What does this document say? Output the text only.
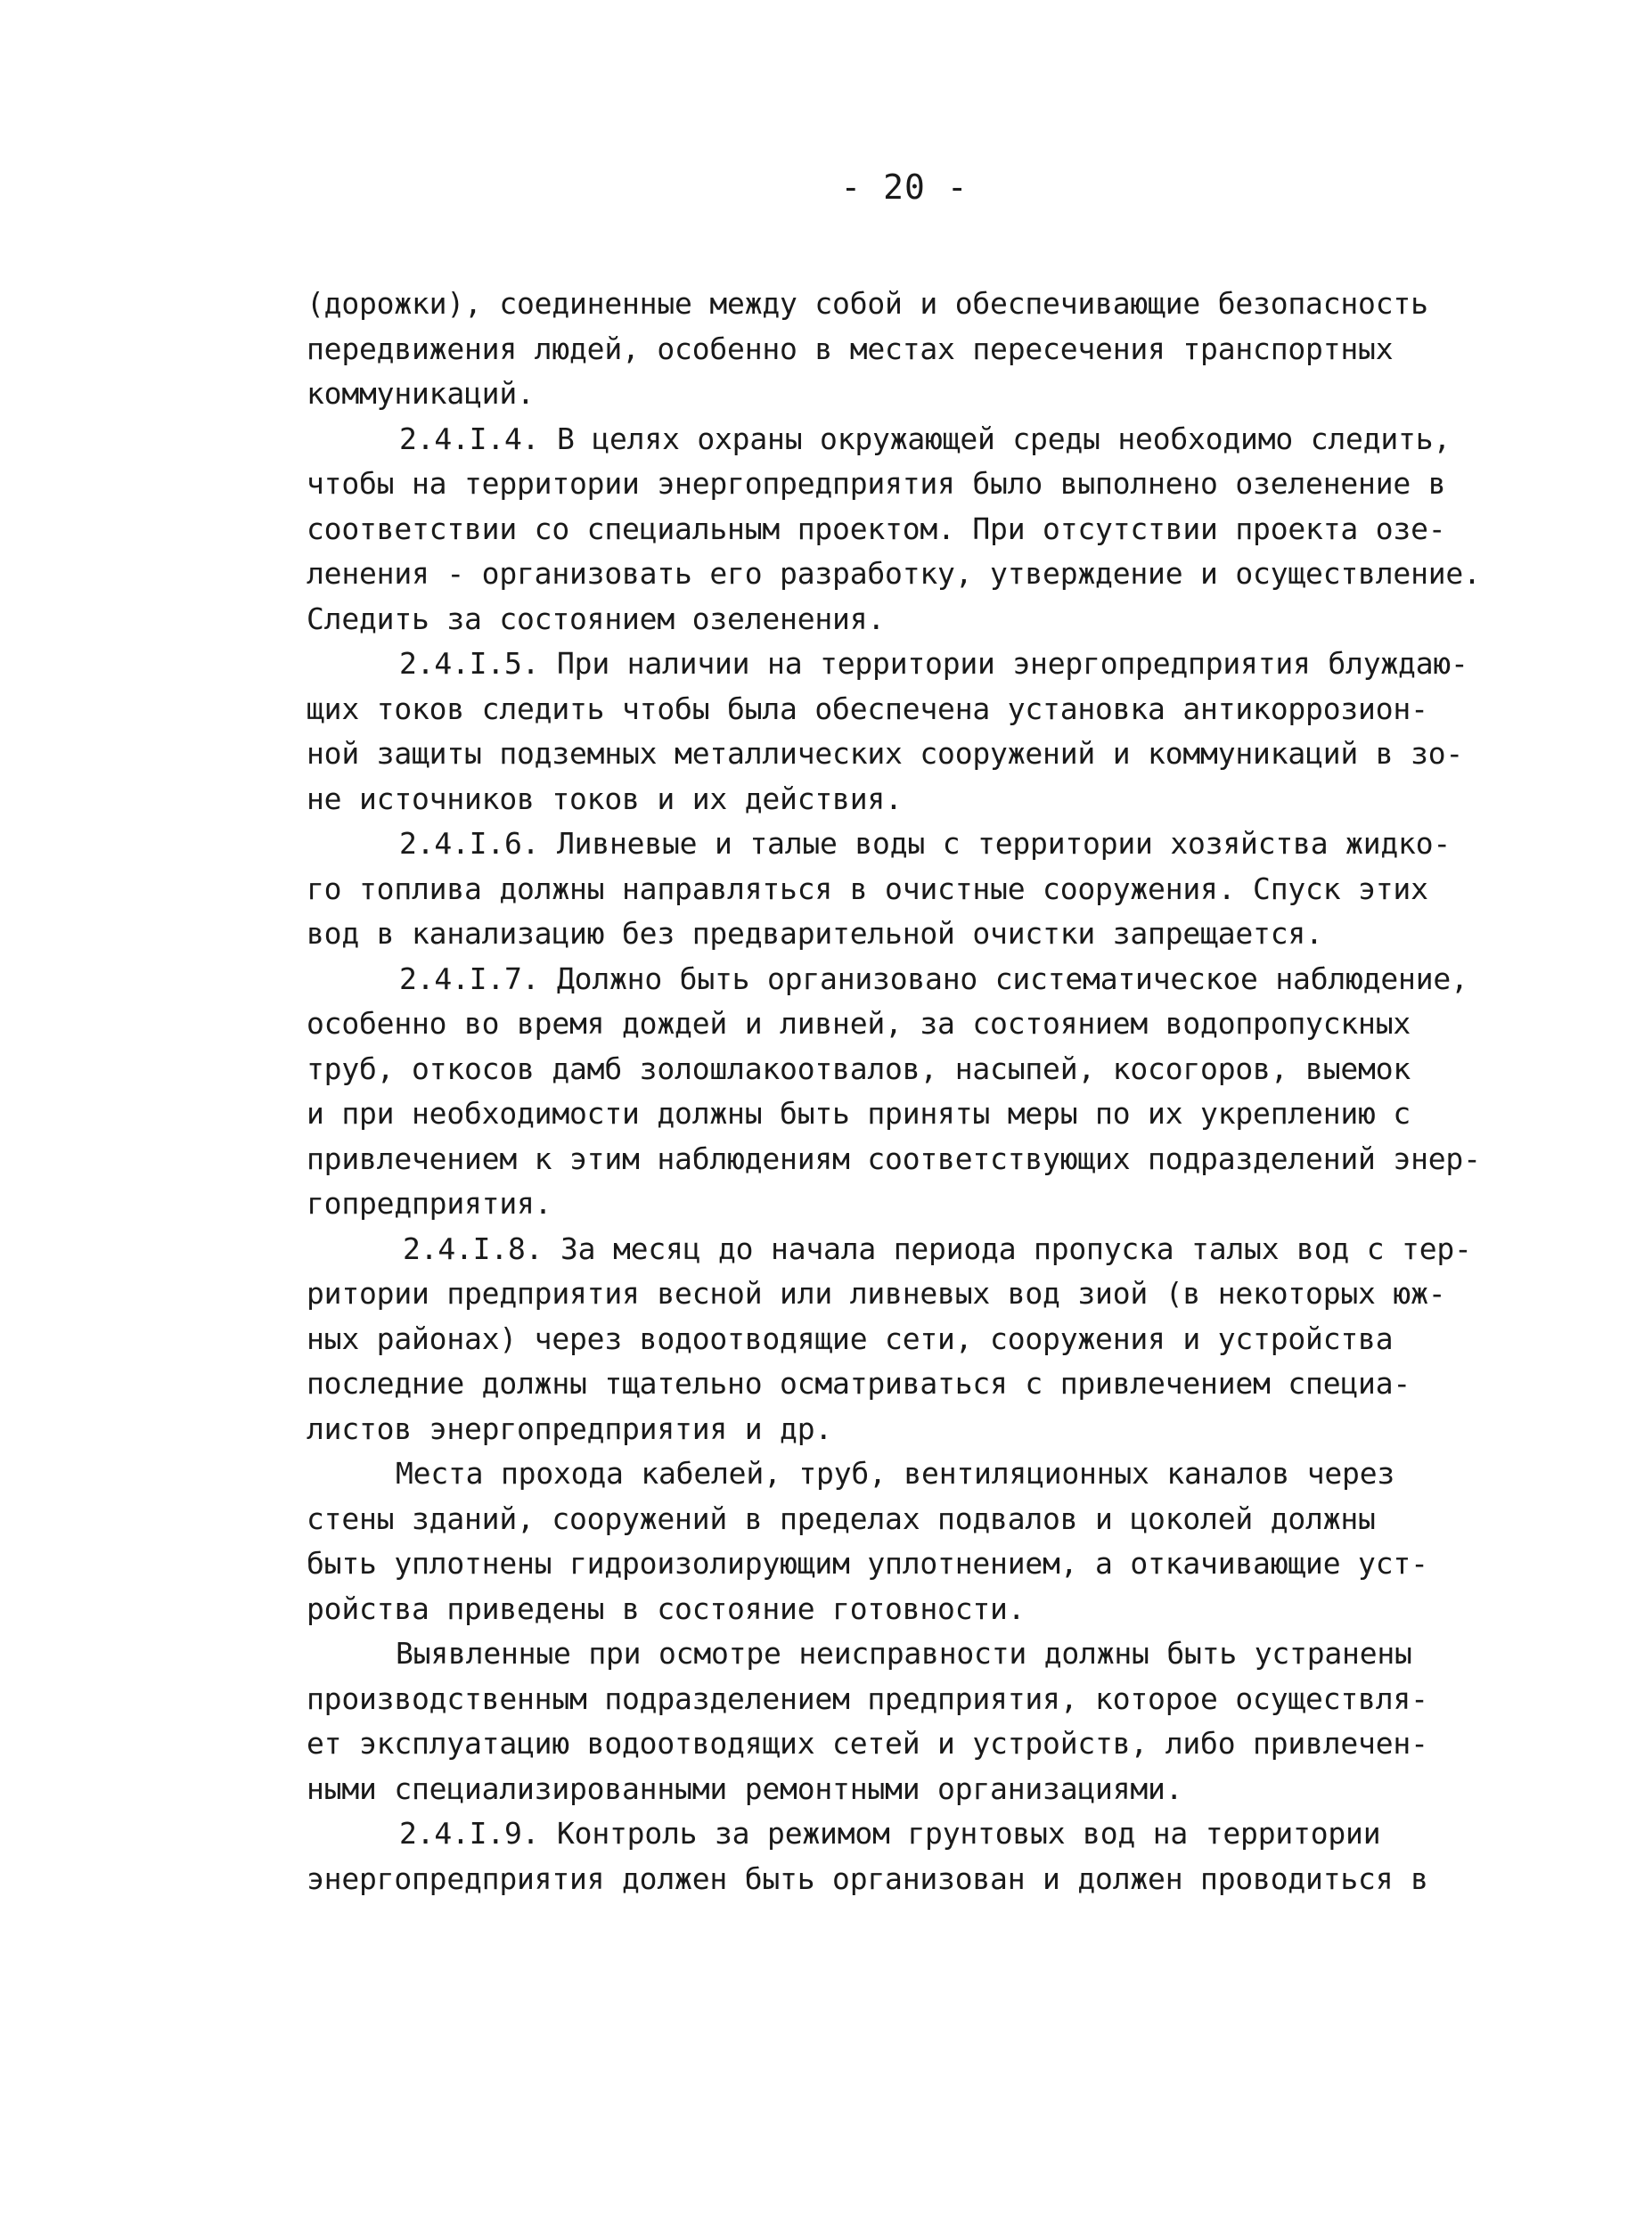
- 20 -
(дорожки), соединенные между собой и обеспечивающие безопасность
передвижения людей, особенно в местах пересечения транспортных
коммуникаций.
2.4.I.4. В целях охраны окружающей среды необходимо следить,
чтобы на территории энергопредприятия было выполнено озеленение в
соответствии со специальным проектом. При отсутствии проекта озе-
ленения - организовать его разработку, утверждение и осуществление.
Следить за состоянием озеленения.
2.4.I.5. При наличии на территории энергопредприятия блуждаю-
щих токов следить чтобы была обеспечена установка антикоррозион-
ной защиты подземных металлических сооружений и коммуникаций в зо-
не источников токов и их действия.
2.4.I.6. Ливневые и талые воды с территории хозяйства жидко-
го топлива должны направляться в очистные сооружения. Спуск этих
вод в канализацию без предварительной очистки запрещается.
2.4.I.7. Должно быть организовано систематическое наблюдение,
особенно во время дождей и ливней, за состоянием водопропускных
труб, откосов дамб золошлакоотвалов, насыпей, косогоров, выемок
и при необходимости должны быть приняты меры по их укреплению с
привлечением к этим наблюдениям соответствующих подразделений энер-
гопредприятия.
2.4.I.8. За месяц до начала периода пропуска талых вод с тер-
ритории предприятия весной или ливневых вод зиой (в некоторых юж-
ных районах) через водоотводящие сети, сооружения и устройства
последние должны тщательно осматриваться с привлечением специа-
листов энергопредприятия и др.
Места прохода кабелей, труб, вентиляционных каналов через
стены зданий, сооружений в пределах подвалов и цоколей должны
быть уплотнены гидроизолирующим уплотнением, а откачивающие уст-
ройства приведены в состояние готовности.
Выявленные при осмотре неисправности должны быть устранены
производственным подразделением предприятия, которое осуществля-
ет эксплуатацию водоотводящих сетей и устройств, либо привлечен-
ными специализированными ремонтными организациями.
2.4.I.9. Контроль за режимом грунтовых вод на территории
энергопредприятия должен быть организован и должен проводиться в
